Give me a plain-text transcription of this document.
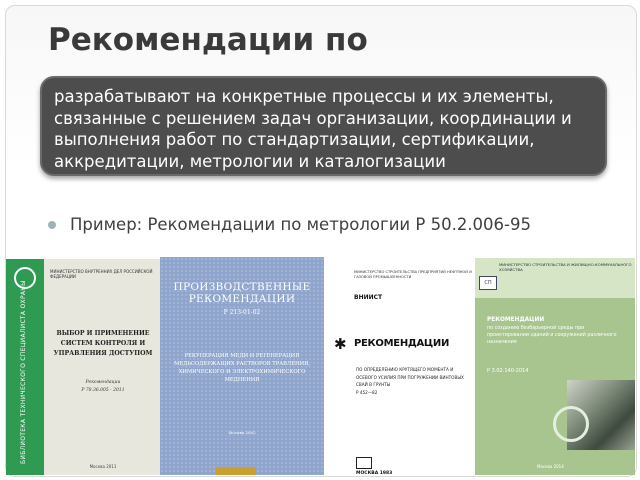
Рекомендации по
Пример: Рекомендации по метрологии Р 50.2.006-95
разрабатывают на конкретные процессы и их элементы, связанные с решением задач организации, координации и выполнения работ по стандартизации, сертификации, аккредитации, метрологии и каталогизации
БИБЛИОТЕКА ТЕХНИЧЕСКОГО СПЕЦИАЛИСТА ОХРАНЫ
МИНИСТЕРСТВО ВНУТРЕННИХ ДЕЛ РОССИЙСКОЙ ФЕДЕРАЦИИ
ВЫБОР И ПРИМЕНЕНИЕ СИСТЕМ КОНТРОЛЯ И УПРАВЛЕНИЯ ДОСТУПОМ
Рекомендации
Р 78.36.005 - 2011
Москва 2011
ПРОИЗВОДСТВЕННЫЕ РЕКОМЕНДАЦИИ
Р 213-01-02
РЕКУПЕРАЦИЯ МЕДИ И РЕГЕНЕРАЦИЯ МЕДЬСОДЕРЖАЩИХ РАСТВОРОВ ТРАВЛЕНИЯ, ХИМИЧЕСКОГО И ЭЛЕКТРОХИМИЧЕСКОГО МЕДНЕНИЯ
Москва 2002
МИНИСТЕРСТВО СТРОИТЕЛЬСТВА ПРЕДПРИЯТИЙ НЕФТЯНОЙ И ГАЗОВОЙ ПРОМЫШЛЕННОСТИ
ВНИИСТ
✱ РЕКОМЕНДАЦИИ
ПО ОПРЕДЕЛЕНИЮ КРУТЯЩЕГО МОМЕНТА И ОСЕВОГО УСИЛИЯ ПРИ ПОГРУЖЕНИИ ВИНТОВЫХ СВАЙ В ГРУНТЫ
Р 452—82
МОСКВА 1983
МИНИСТЕРСТВО СТРОИТЕЛЬСТВА И ЖИЛИЩНО-КОММУНАЛЬНОГО ХОЗЯЙСТВА
СП
РЕКОМЕНДАЦИИ
по созданию безбарьерной среды при проектировании зданий и сооружений различного назначения
Р 3.02.140-2014
Москва 2014
